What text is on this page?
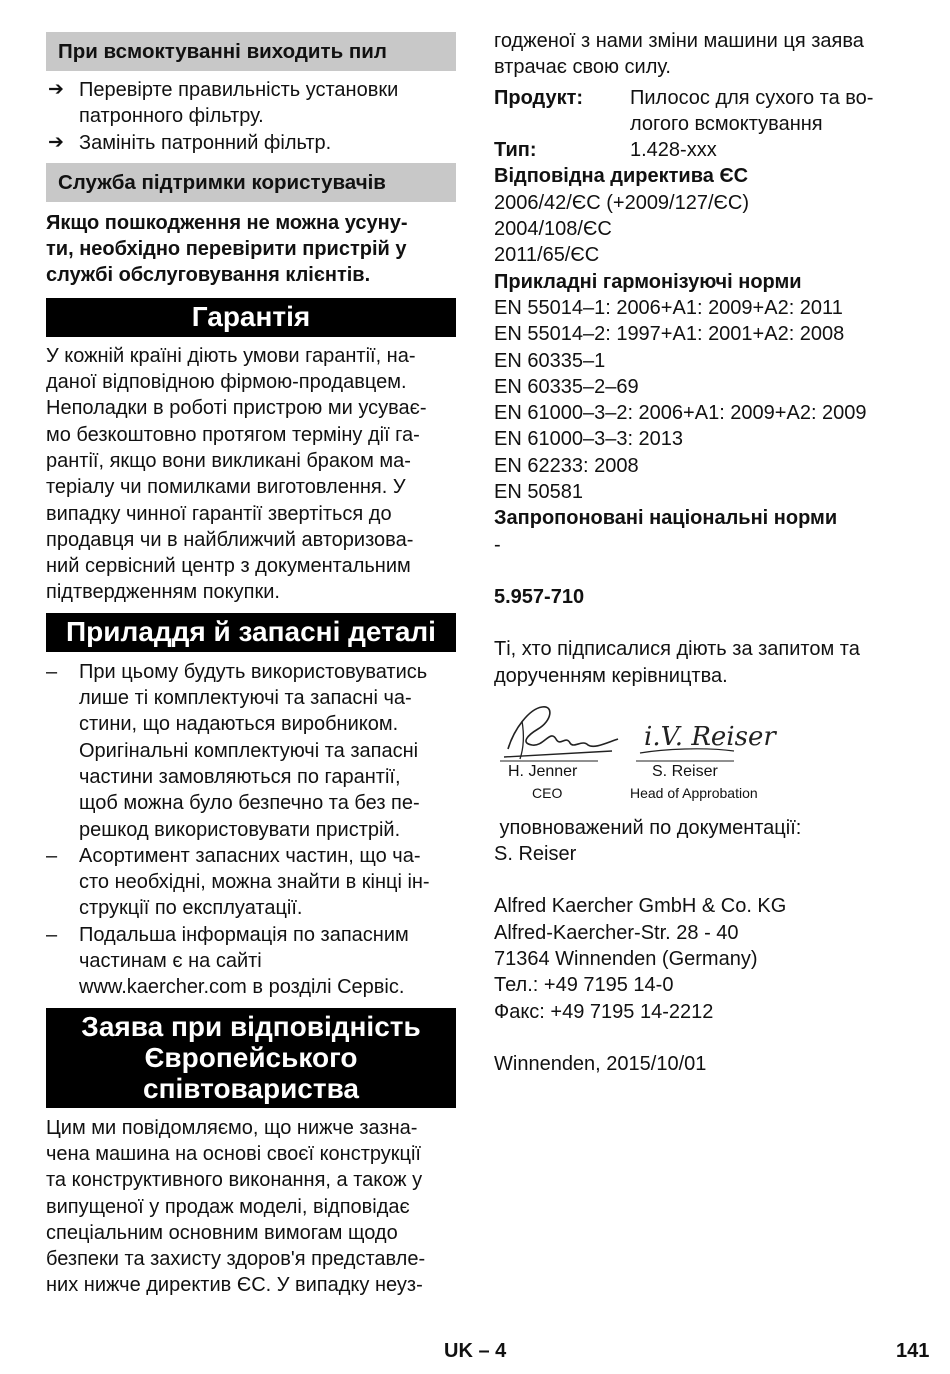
При всмоктуванні виходить пил
➔ Перевірте правильність установки

патронного фільтру.

➔ Замініть патронний фільтр.

Служба підтримки користувачів

Якщо пошкодження не можна усуну-

ти, необхідно перевірити пристрій у

службі обслуговування клієнтів.

Гарантія

У кожній країні діють умови гарантії, на-

даної відповідною фірмою-продавцем.

Неполадки в роботі пристрою ми усуває-

мо безкоштовно протягом терміну дії га-

рантії, якщо вони викликані браком ма-

теріалу чи помилками виготовлення. У

випадку чинної гарантії звертіться до

продавця чи в найближчий авторизова-

ний сервісний центр з документальним

підтвердженням покупки.

Приладдя й запасні деталі
– При цьому будуть використовуватись

лише ті комплектуючі та запасні ча-

стини, що надаються виробником.

Оригінальні комплектуючі та запасні

частини замовляються по гарантії,

щоб можна було безпечно та без пе-

решкод використовувати пристрій.

– Асортимент запасних частин, що ча-

сто необхідні, можна знайти в кінці ін-

струкції по експлуатації.

– Подальша інформація по запасним

частинам є на сайті

www.kaercher.com в розділі Сервіс.

Заява при відповідність
Європейського
співтовариства

Цим ми повідомляємо, що нижче зазна-

чена машина на основі своєї конструкції

та конструктивного виконання, а також у

випущеної у продаж моделі, відповідає

спеціальним основним вимогам щодо

безпеки та захисту здоров'я представле-

них нижче директив ЄС. У випадку неуз-

годженої з нами зміни машини ця заява

втрачає свою силу.

Продукт:	Пилосос для сухого та во-

логого всмоктування

Тип:	1.428-xxx

Відповідна директива ЄС

2006/42/ЄС (+2009/127/ЄС)

2004/108/ЄС

2011/65/ЄС

Прикладні гармонізуючі норми

EN 55014–1: 2006+A1: 2009+A2: 2011

EN 55014–2: 1997+A1: 2001+A2: 2008

EN 60335–1

EN 60335–2–69

EN 61000–3–2: 2006+A1: 2009+A2: 2009

EN 61000–3–3: 2013

EN 62233: 2008

EN 50581

Запропоновані національні норми

-

5.957-710

Ті, хто підписалися діють за запитом та

дорученням керівництва.

i.V. Reiser
H. Jenner
CEO
S. Reiser
Head of Approbation

уповноважений по документації:

S. Reiser

Alfred Kaercher GmbH & Co. KG

Alfred-Kaercher-Str. 28 - 40

71364 Winnenden (Germany)

Тел.: +49 7195 14-0

Факс: +49 7195 14-2212

Winnenden, 2015/10/01

UK – 4	141
